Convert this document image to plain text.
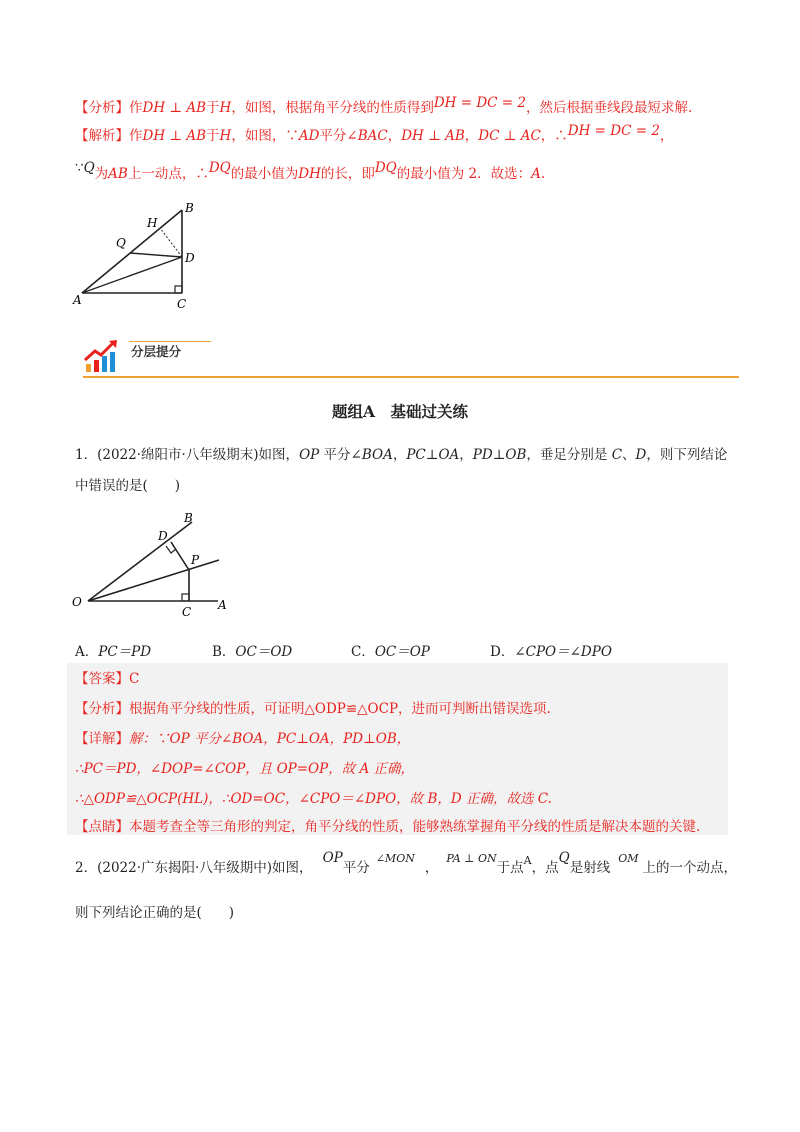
【分析】作DH ⊥ AB于H，如图，根据角平分线的性质得到DH = DC = 2，然后根据垂线段最短求解.
【解析】作DH ⊥ AB于H，如图，∵AD平分∠BAC，DH ⊥ AB，DC ⊥ AC，∴DH = DC = 2，
∵Q为AB上一动点，∴DQ的最小值为DH的长，即DQ的最小值为 2．故选：A.
A
B
C
D
H
Q
分层提分
题组A　基础过关练
1．(2022·绵阳市·八年级期末)如图，OP 平分∠BOA，PC⊥OA，PD⊥OB，垂足分别是 C、D，则下列结论
中错误的是(　　)
O	A
B
C
D
P
A．PC＝PD	B．OC＝OD	C．OC＝OP	D．∠CPO＝∠DPO
【答案】C
【分析】根据角平分线的性质，可证明△ODP≌△OCP，进而可判断出错误选项.
【详解】解：∵OP 平分∠BOA，PC⊥OA，PD⊥OB，
∴PC＝PD，∠DOP=∠COP，且 OP=OP，故 A 正确，
∴△ODP≌△OCP(HL)，∴OD=OC，∠CPO＝∠DPO，故 B，D 正确，故选 C.
【点睛】本题考查全等三角形的判定，角平分线的性质，能够熟练掌握角平分线的性质是解决本题的关键.
2．(2022·广东揭阳·八年级期中)如图，OP平分$^{\angle MON}$，$^{PA \perp ON}$于点$^A$，点Q是射线$^{OM}$上的一个动点，
则下列结论正确的是(　　)
